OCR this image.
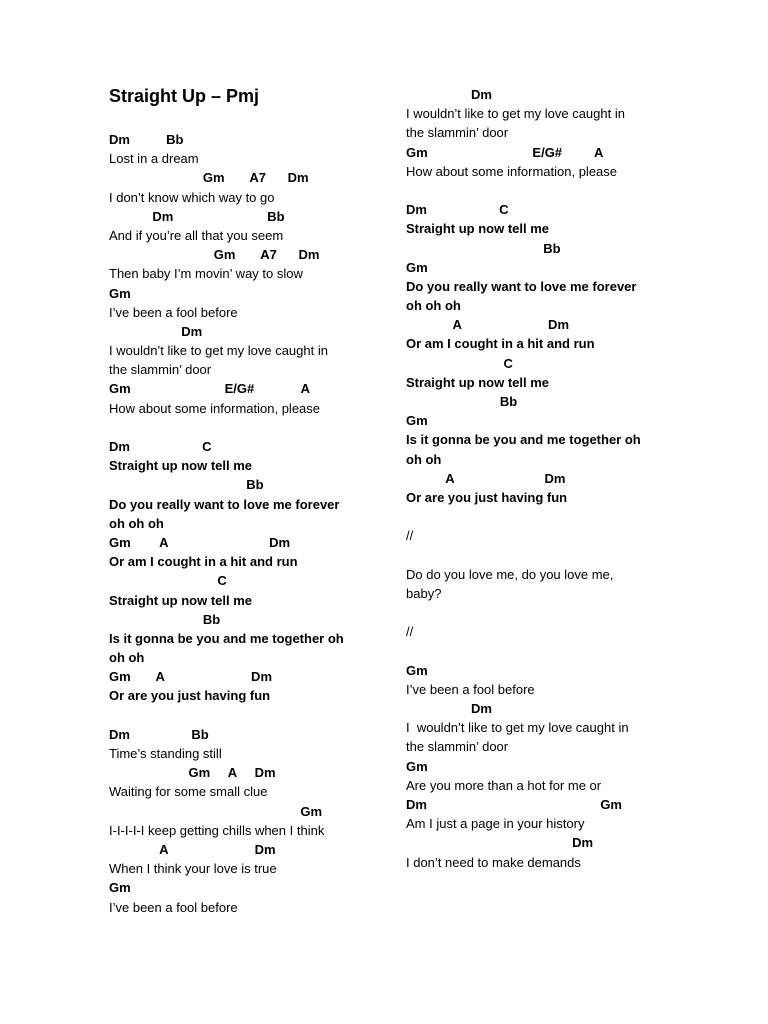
Straight Up – Pmj
Dm          Bb
Lost in a dream
Gm       A7      Dm
I don’t know which way to go
Dm                          Bb
And if you’re all that you seem
Gm       A7      Dm
Then baby I’m movin’ way to slow
Gm
I’ve been a fool before
Dm
I wouldn’t like to get my love caught in
the slammin’ door
Gm                          E/G#             A
How about some information, please
Dm                    C
Straight up now tell me
Bb
Do you really want to love me forever
oh oh oh
Gm        A                            Dm
Or am I cought in a hit and run
C
Straight up now tell me
Bb
Is it gonna be you and me together oh
oh oh
Gm       A                        Dm
Or are you just having fun
Dm                 Bb
Time’s standing still
Gm     A     Dm
Waiting for some small clue
Gm
I-I-I-I-I keep getting chills when I think
A                        Dm
When I think your love is true
Gm
I’ve been a fool before
Dm
I wouldn’t like to get my love caught in
the slammin’ door
Gm                             E/G#         A
How about some information, please
Dm                    C
Straight up now tell me
Bb
Gm
Do you really want to love me forever
oh oh oh
A                        Dm
Or am I cought in a hit and run
C
Straight up now tell me
Bb
Gm
Is it gonna be you and me together oh
oh oh
A                         Dm
Or are you just having fun
//
Do do you love me, do you love me,
baby?
//
Gm
I’ve been a fool before
Dm
I  wouldn’t like to get my love caught in
the slammin’ door
Gm
Are you more than a hot for me or
Dm                                                Gm
Am I just a page in your history
Dm
I don’t need to make demands
